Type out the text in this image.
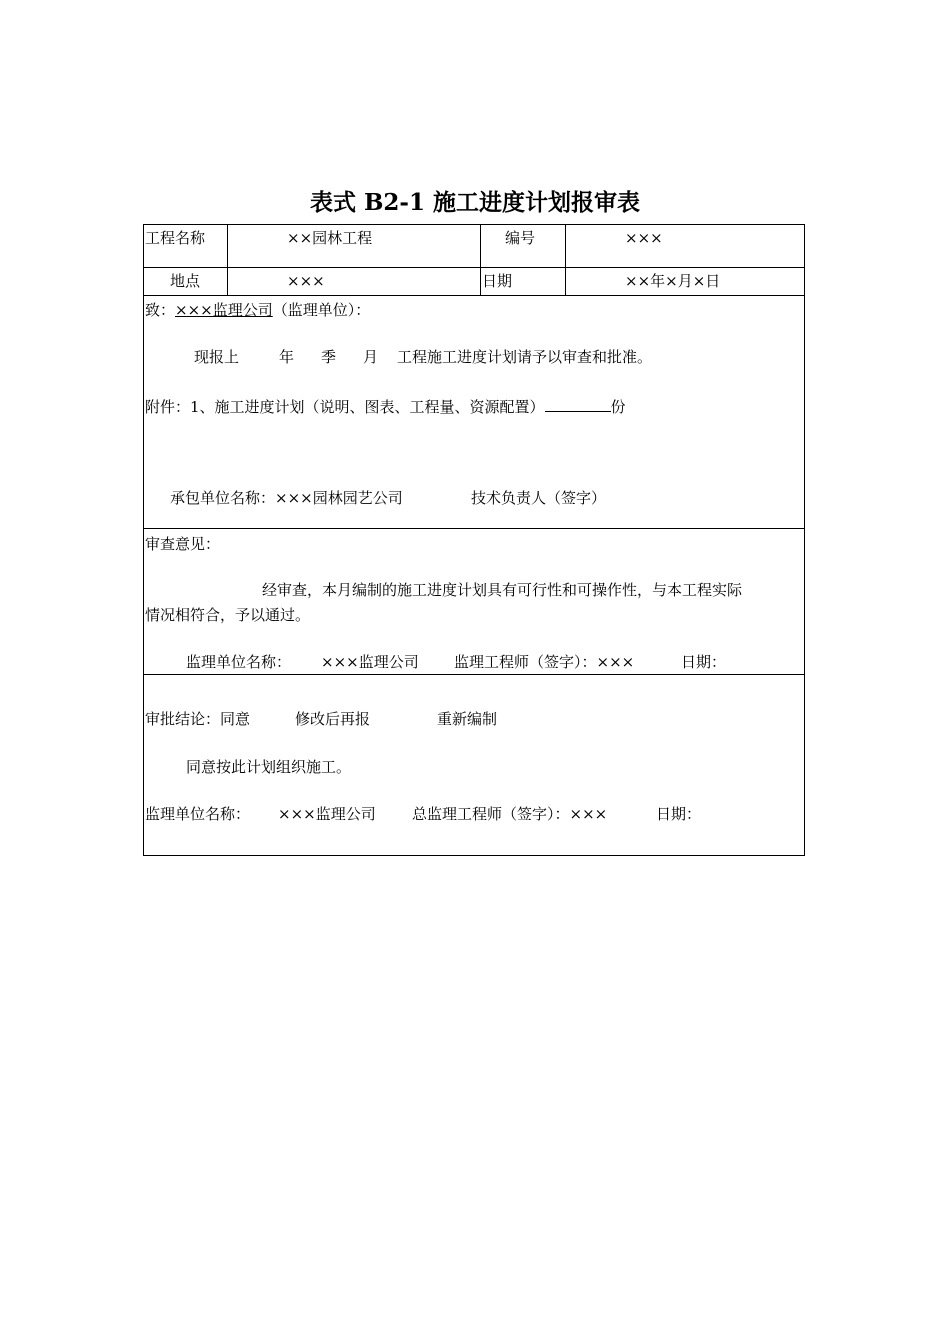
表式 B2-1 施工进度计划报审表
工程名称	××园林工程	编号	×××
地点	×××	日期	××年×月×日
致：×××监理公司（监理单位）：
现报上	年 季 月 工程施工进度计划请予以审查和批准。
附件：1、施工进度计划（说明、图表、工程量、资源配置）	份
承包单位名称：×××园林园艺公司	技术负责人（签字）
审查意见：
经审查，本月编制的施工进度计划具有可行性和可操作性，与本工程实际
情况相符合，予以通过。
监理单位名称： ×××监理公司 监理工程师（签字）：×××	日期：
审批结论：同意	修改后再报	重新编制
同意按此计划组织施工。
监理单位名称： ×××监理公司 总监理工程师（签字）：×××	日期：
